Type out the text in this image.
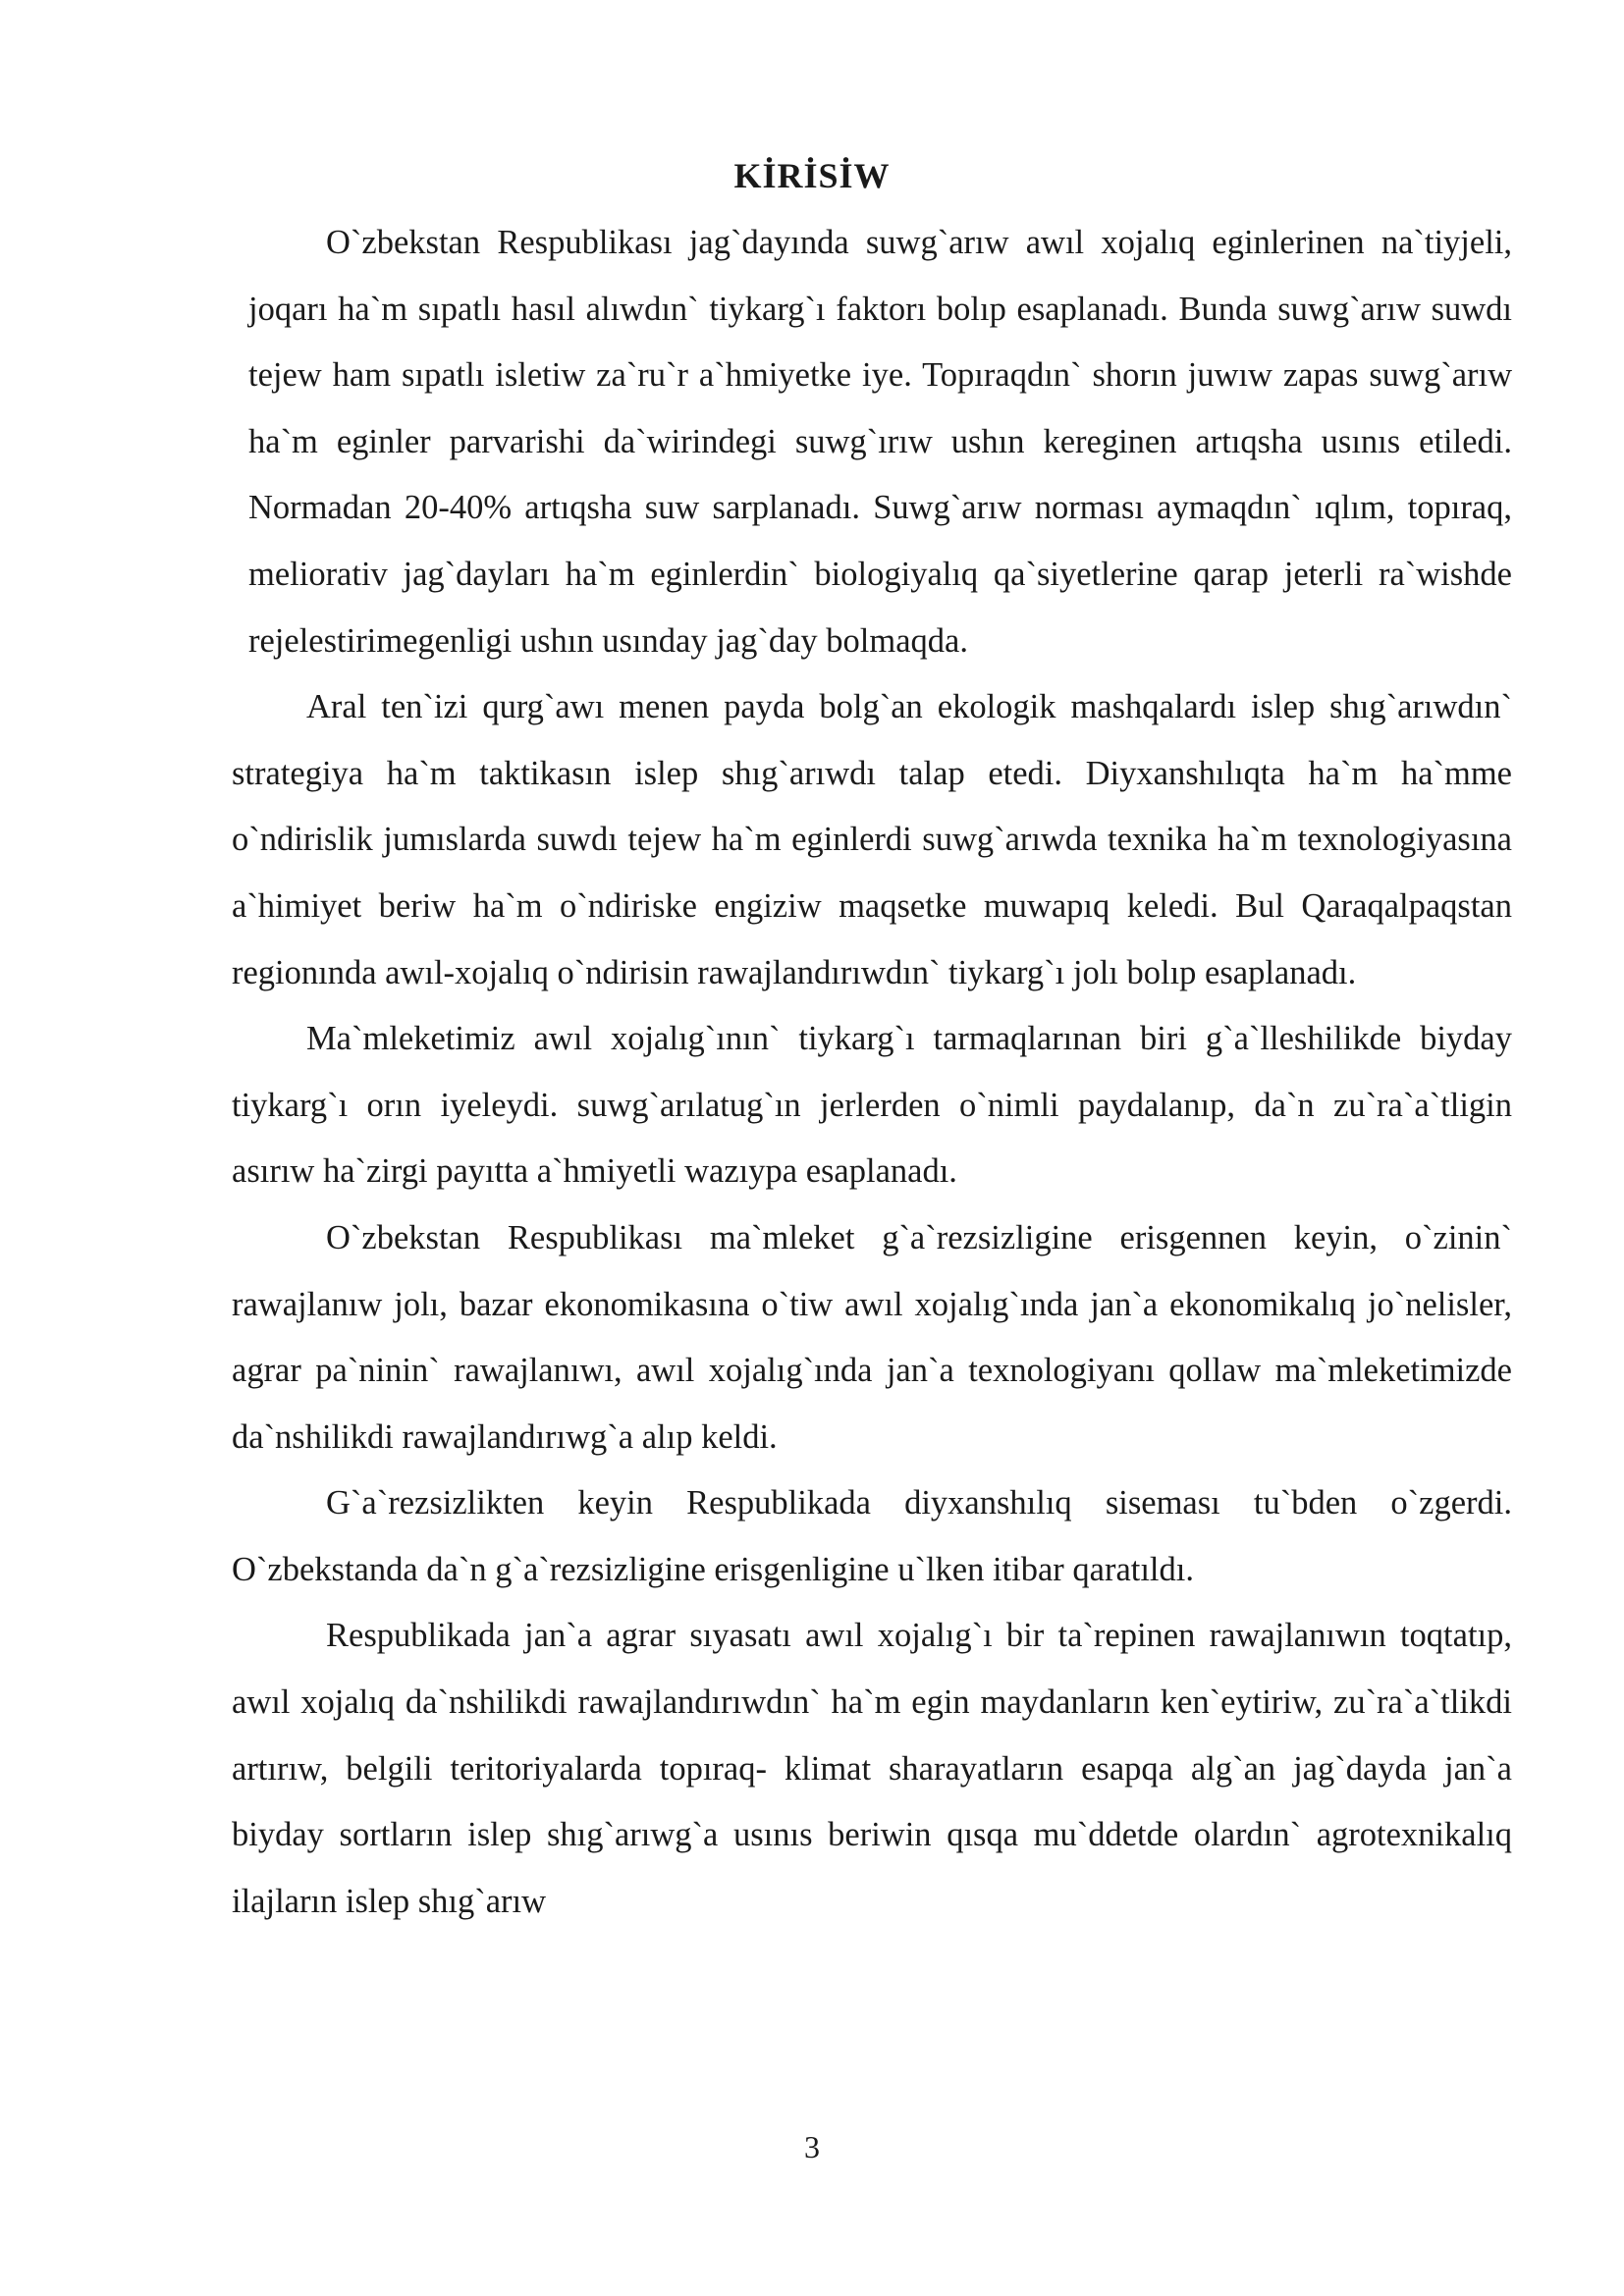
KİRİSİW

O`zbekstan Respublikası jag`dayında suwg`arıw awıl xojalıq eginlerinen na`tiyjeli, joqarı ha`m sıpatlı hasıl alıwdın` tiykarg`ı faktorı bolıp esaplanadı. Bunda suwg`arıw suwdı tejew ham sıpatlı isletiw za`ru`r a`hmiyetke iye. Topıraqdın` shorın juwıw zapas suwg`arıw ha`m eginler parvarishi da`wirindegi suwg`ırıw ushın kereginen artıqsha usınıs etiledi. Normadan 20-40% artıqsha suw sarplanadı. Suwg`arıw norması aymaqdın` ıqlım, topıraq, meliorativ jag`dayları ha`m eginlerdin` biologiyalıq qa`siyetlerine qarap jeterli ra`wishde rejelestirimegenligi ushın usınday jag`day bolmaqda.

Aral ten`izi qurg`awı menen payda bolg`an ekologik mashqalardı islep shıg`arıwdın` strategiya ha`m taktikasın islep shıg`arıwdı talap etedi. Diyxanshılıqta ha`m ha`mme o`ndirislik jumıslarda suwdı tejew ha`m eginlerdi suwg`arıwda texnika ha`m texnologiyasına a`himiyet beriw ha`m o`ndiriske engiziw maqsetke muwapıq keledi. Bul Qaraqalpaqstan regionında awıl-xojalıq o`ndirisin rawajlandırıwdın` tiykarg`ı jolı bolıp esaplanadı.

Ma`mleketimiz awıl xojalıg`ının` tiykarg`ı tarmaqlarınan biri g`a`lleshilikde biyday tiykarg`ı orın iyeleydi. suwg`arılatug`ın jerlerden o`nimli paydalanıp, da`n zu`ra`a`tligin asırıw ha`zirgi payıtta a`hmiyetli wazıypa esaplanadı.

O`zbekstan Respublikası ma`mleket g`a`rezsizligine erisgennen keyin, o`zinin` rawajlanıw jolı, bazar ekonomikasına o`tiw awıl xojalıg`ında jan`a ekonomikalıq jo`nelisler, agrar pa`ninin` rawajlanıwı, awıl xojalıg`ında jan`a texnologiyanı qollaw ma`mleketimizde da`nshilikdi rawajlandırıwg`a alıp keldi.

G`a`rezsizlikten keyin Respublikada diyxanshılıq siseması tu`bden o`zgerdi. O`zbekstanda da`n g`a`rezsizligine erisgenligine u`lken itibar qaratıldı.

Respublikada jan`a agrar sıyasatı awıl xojalıg`ı bir ta`repinen rawajlanıwın toqtatıp, awıl xojalıq da`nshilikdi rawajlandırıwdın` ha`m egin maydanların ken`eytiriw, zu`ra`a`tlikdi artırıw, belgili teritoriyalarda topıraq- klimat sharayatların esapqa alg`an jag`dayda jan`a biyday sortların islep shıg`arıwg`a usınıs beriwin qısqa mu`ddetde olardın` agrotexnikalıq ilajların islep shıg`arıw

3
